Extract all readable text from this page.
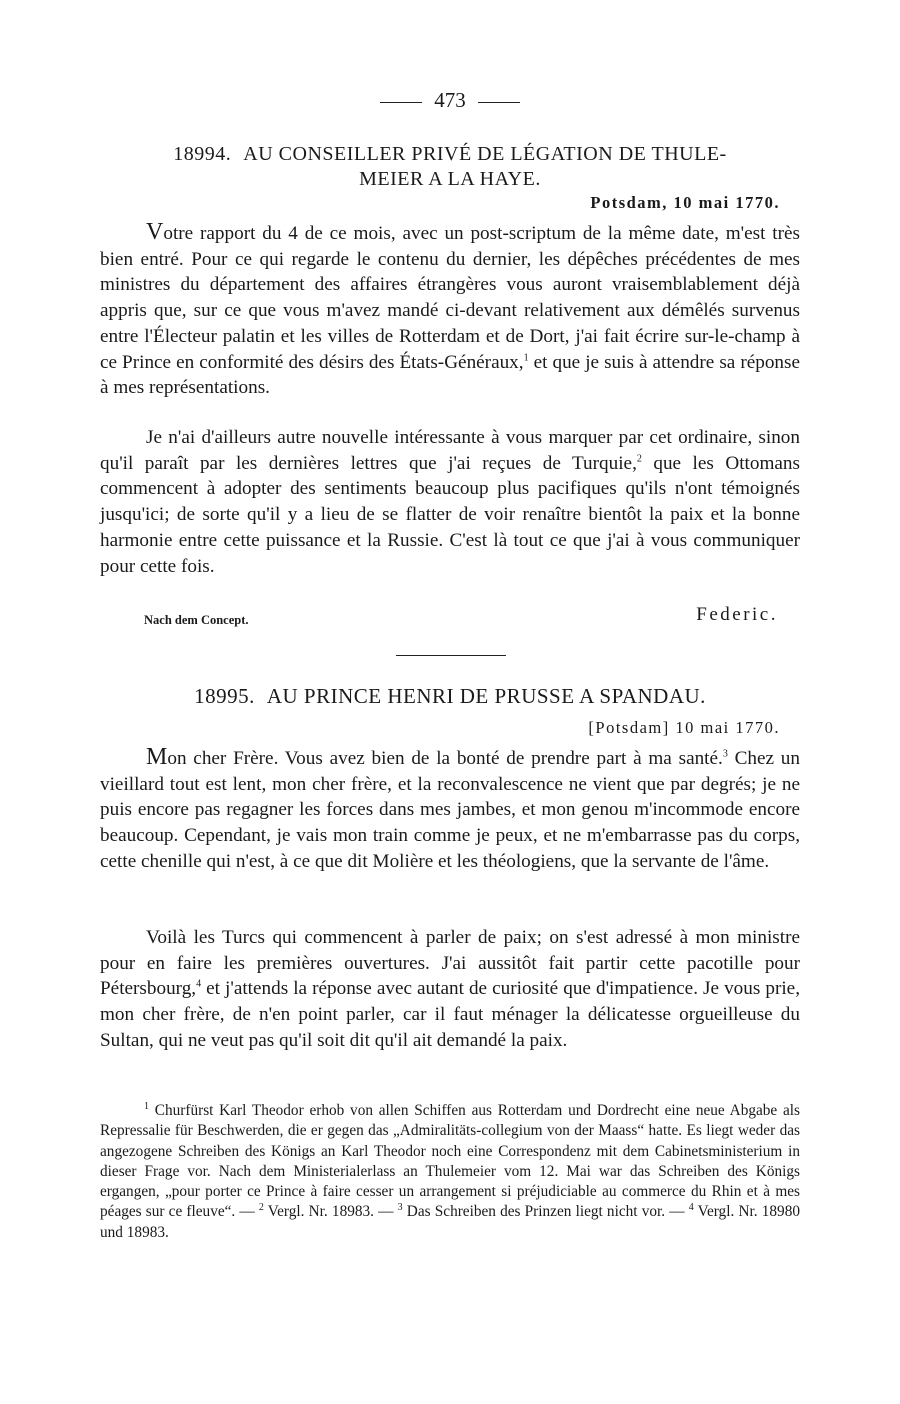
473
18994. AU CONSEILLER PRIVÉ DE LÉGATION DE THULE-
MEIER A LA HAYE.
Potsdam, 10 mai 1770.

Votre rapport du 4 de ce mois, avec un post-scriptum de la même date, m'est très bien entré. Pour ce qui regarde le contenu du dernier, les dépêches précédentes de mes ministres du département des affaires étrangères vous auront vraisemblablement déjà appris que, sur ce que vous m'avez mandé ci-devant relativement aux démêlés survenus entre l'Électeur palatin et les villes de Rotterdam et de Dort, j'ai fait écrire sur-le-champ à ce Prince en conformité des désirs des États-Généraux,$^1$ et que je suis à attendre sa réponse à mes représentations.

Je n'ai d'ailleurs autre nouvelle intéressante à vous marquer par cet ordinaire, sinon qu'il paraît par les dernières lettres que j'ai reçues de Turquie,$^2$ que les Ottomans commencent à adopter des sentiments beaucoup plus pacifiques qu'ils n'ont témoignés jusqu'ici; de sorte qu'il y a lieu de se flatter de voir renaître bientôt la paix et la bonne harmonie entre cette puissance et la Russie. C'est là tout ce que j'ai à vous communiquer pour cette fois.

Nach dem Concept.	Federic.
18995. AU PRINCE HENRI DE PRUSSE A SPANDAU.
[Potsdam] 10 mai 1770.

Mon cher Frère. Vous avez bien de la bonté de prendre part à ma santé.$^3$ Chez un vieillard tout est lent, mon cher frère, et la reconvalescence ne vient que par degrés; je ne puis encore pas regagner les forces dans mes jambes, et mon genou m'incommode encore beaucoup. Cependant, je vais mon train comme je peux, et ne m'embarrasse pas du corps, cette chenille qui n'est, à ce que dit Molière et les théologiens, que la servante de l'âme.

Voilà les Turcs qui commencent à parler de paix; on s'est adressé à mon ministre pour en faire les premières ouvertures. J'ai aussitôt fait partir cette pacotille pour Pétersbourg,$^4$ et j'attends la réponse avec autant de curiosité que d'impatience. Je vous prie, mon cher frère, de n'en point parler, car il faut ménager la délicatesse orgueilleuse du Sultan, qui ne veut pas qu'il soit dit qu'il ait demandé la paix.

$^1$ Churfürst Karl Theodor erhob von allen Schiffen aus Rotterdam und Dordrecht eine neue Abgabe als Repressalie für Beschwerden, die er gegen das „Admiralitäts-collegium von der Maass“ hatte. Es liegt weder das angezogene Schreiben des Königs an Karl Theodor noch eine Correspondenz mit dem Cabinetsministerium in dieser Frage vor. Nach dem Ministerialerlass an Thulemeier vom 12. Mai war das Schreiben des Königs ergangen, „pour porter ce Prince à faire cesser un arrangement si préjudiciable au commerce du Rhin et à mes péages sur ce fleuve“. — $^2$ Vergl. Nr. 18983. — $^3$ Das Schreiben des Prinzen liegt nicht vor. — $^4$ Vergl. Nr. 18980 und 18983.
